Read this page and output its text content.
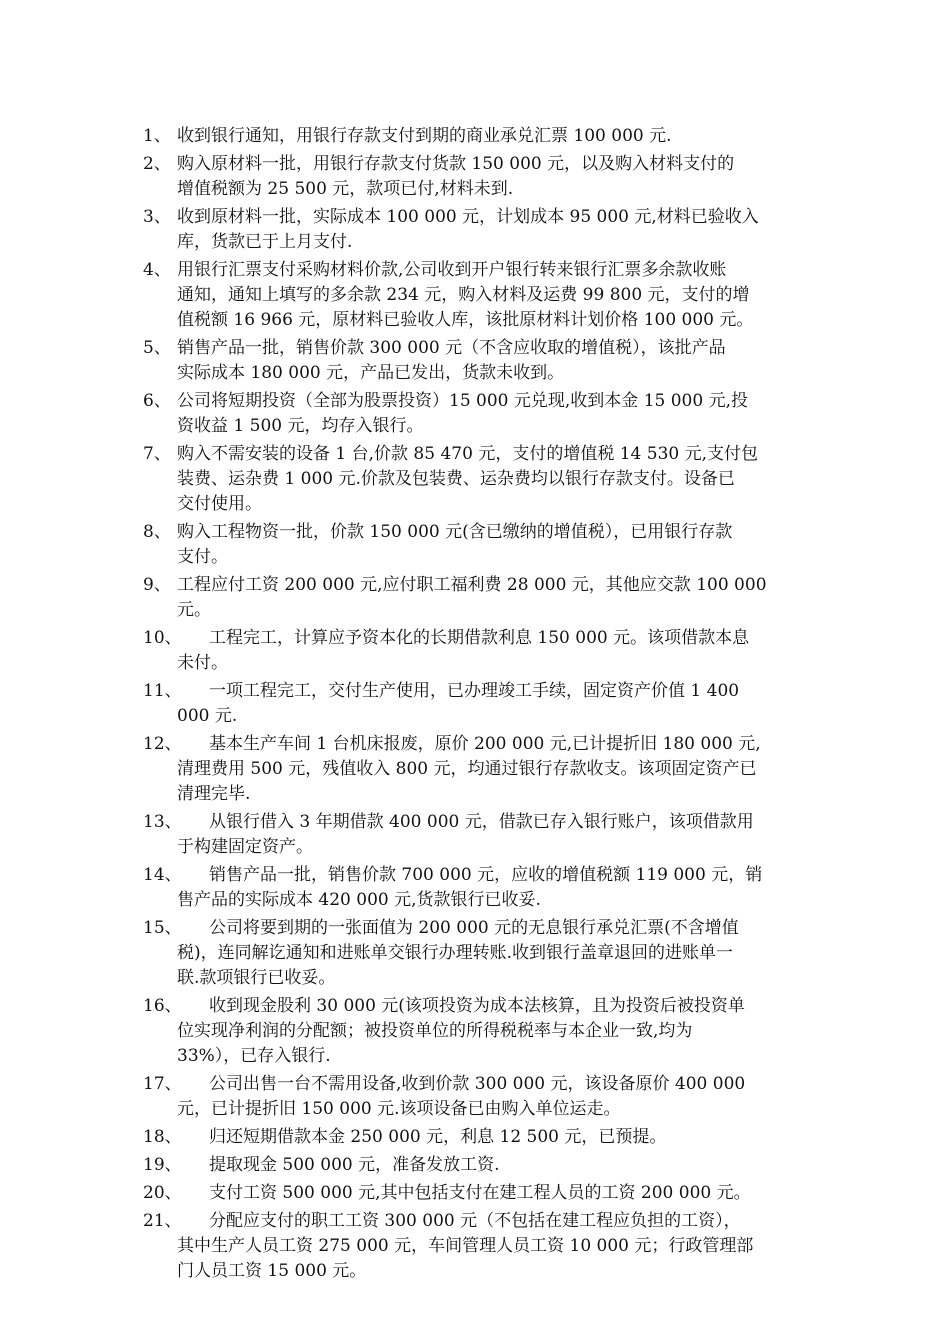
1、 收到银行通知，用银行存款支付到期的商业承兑汇票 100 000 元.
2、 购入原材料一批，用银行存款支付货款 150 000 元，以及购入材料支付的
增值税额为 25 500 元，款项已付,材料未到.
3、 收到原材料一批，实际成本 100 000 元，计划成本 95 000 元,材料已验收入
库，货款已于上月支付.
4、 用银行汇票支付采购材料价款,公司收到开户银行转来银行汇票多余款收账
通知，通知上填写的多余款 234 元，购入材料及运费 99 800 元，支付的增
值税额 16 966 元，原材料已验收人库，该批原材料计划价格 100 000 元。
5、 销售产品一批，销售价款 300 000 元（不含应收取的增值税），该批产品
实际成本 180 000 元，产品已发出，货款未收到。
6、 公司将短期投资（全部为股票投资）15 000 元兑现,收到本金 15 000 元,投
资收益 1 500 元，均存入银行。
7、 购入不需安装的设备 1 台,价款 85 470 元，支付的增值税 14 530 元,支付包
装费、运杂费 1 000 元.价款及包装费、运杂费均以银行存款支付。设备已
交付使用。
8、 购入工程物资一批，价款 150 000 元(含已缴纳的增值税），已用银行存款
支付。
9、 工程应付工资 200 000 元,应付职工福利费 28 000 元，其他应交款 100 000
元。
10、	工程完工，计算应予资本化的长期借款利息 150 000 元。该项借款本息
未付。
11、	一项工程完工，交付生产使用，已办理竣工手续，固定资产价值 1 400
000 元.
12、	基本生产车间 1 台机床报废，原价 200 000 元,已计提折旧 180 000 元,
清理费用 500 元，残值收入 800 元，均通过银行存款收支。该项固定资产已
清理完毕.
13、	从银行借入 3 年期借款 400 000 元，借款已存入银行账户，该项借款用
于构建固定资产。
14、	销售产品一批，销售价款 700 000 元，应收的增值税额 119 000 元，销
售产品的实际成本 420 000 元,货款银行已收妥.
15、	公司将要到期的一张面值为 200 000 元的无息银行承兑汇票(不含增值
税)，连同解讫通知和进账单交银行办理转账.收到银行盖章退回的进账单一
联.款项银行已收妥。
16、	收到现金股利 30 000 元(该项投资为成本法核算，且为投资后被投资单
位实现净利润的分配额；被投资单位的所得税税率与本企业一致,均为
33%），已存入银行.
17、	公司出售一台不需用设备,收到价款 300 000 元，该设备原价 400 000
元，已计提折旧 150 000 元.该项设备已由购入单位运走。
18、	归还短期借款本金 250 000 元，利息 12 500 元，已预提。
19、	提取现金 500 000 元，准备发放工资.
20、	支付工资 500 000 元,其中包括支付在建工程人员的工资 200 000 元。
21、	分配应支付的职工工资 300 000 元（不包括在建工程应负担的工资），
其中生产人员工资 275 000 元，车间管理人员工资 10 000 元；行政管理部
门人员工资 15 000 元。
